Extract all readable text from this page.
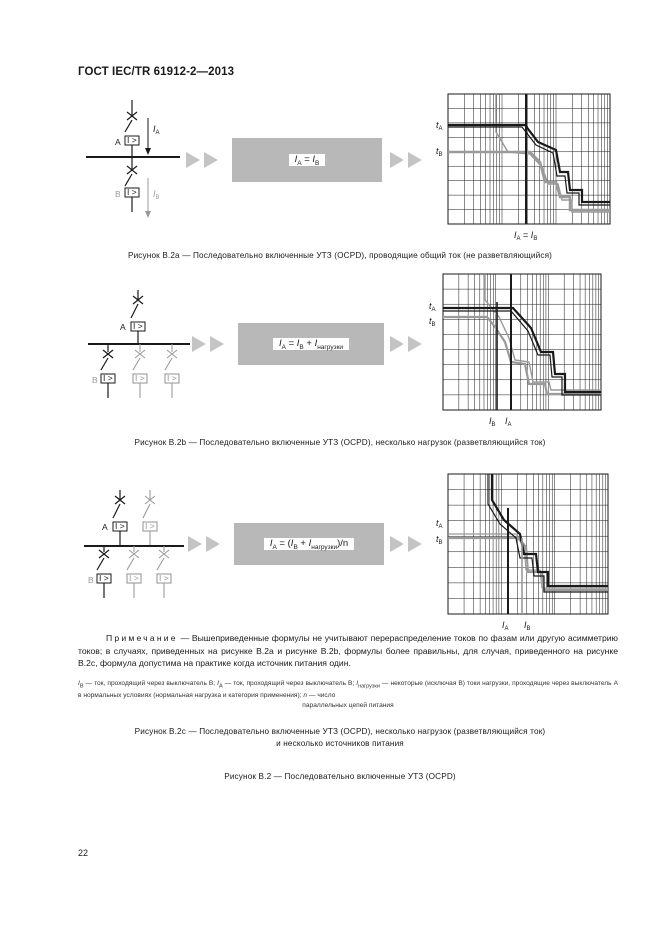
ГОСТ IEC/TR 61912-2—2013
I >
A
$I_A$
I >
B	$I_B$
$I_A = I_B$
$t_A$
$t_B$
$I_A = I_B$
Рисунок В.2а — Последовательно включенные УТЗ (OCPD), проводящие общий ток (не разветвляющийся)
I >
A
I >
B	I >	I >
$I_A = I_B + I_{нагрузки}$
$t_A$
$t_B$
$I_B$ $I_A$
Рисунок В.2b — Последовательно включенные УТЗ (OCPD), несколько нагрузок (разветвляющийся ток)
I >
A	I >
I >
B	I > I >
$I_A = (I_B + I_{нагрузки})/n$
$t_A$
$t_B$
$I_A$ $I_B$
Примечание — Вышеприведенные формулы не учитывают перераспределение токов по фазам или другую асимметрию токов; в случаях, приведенных на рисунке В.2а и рисунке В.2b, формулы более правильны, для случая, приведенного на рисунке В.2с, формула допустима на практике когда источник питания один.
$I_B$ — ток, проходящий через выключатель В; $I_A$ — ток, проходящий через выключатель В; $I_{нагрузки}$ — некоторые (исключая В) токи нагрузки, проходящие через выключатель А в нормальных условиях (нормальная нагрузка и категория применения); n — число
параллельных цепей питания
Рисунок В.2с — Последовательно включенные УТЗ (OCPD), несколько нагрузок (разветвляющийся ток)
и несколько источников питания
Рисунок В.2 — Последовательно включенные УТЗ (OCPD)
22
